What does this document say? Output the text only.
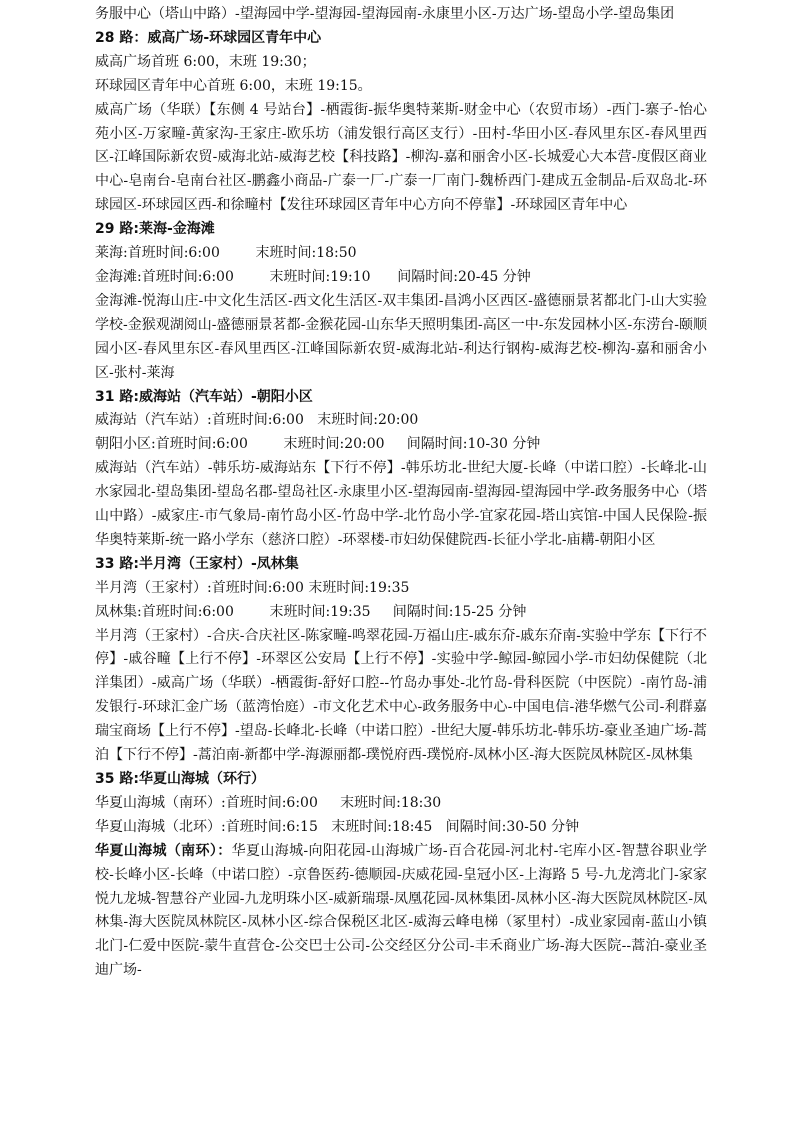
务服中心（塔山中路）-望海园中学-望海园-望海园南-永康里小区-万达广场-望岛小学-望岛集团

28 路：威高广场-环球园区青年中心

威高广场首班 6:00，末班 19:30；

环球园区青年中心首班 6:00，末班 19:15。

威高广场（华联）【东侧 4 号站台】-栖霞街-振华奥特莱斯-财金中心（农贸市场）-西门-寨子-怡心苑小区-万家疃-黄家沟-王家庄-欧乐坊（浦发银行高区支行）-田村-华田小区-春风里东区-春风里西区-江峰国际新农贸-威海北站-威海艺校【科技路】-柳沟-嘉和丽舍小区-长城爱心大本营-度假区商业中心-皂南台-皂南台社区-鹏鑫小商品-广泰一厂-广泰一厂南门-魏桥西门-建成五金制品-后双岛北-环球园区-环球园区西-和徐疃村【发往环球园区青年中心方向不停靠】-环球园区青年中心

29 路:莱海-金海滩

莱海:首班时间:6:00        末班时间:18:50

金海滩:首班时间:6:00        末班时间:19:10      间隔时间:20-45 分钟

金海滩-悦海山庄-中文化生活区-西文化生活区-双丰集团-昌鸿小区西区-盛德丽景茗都北门-山大实验学校-金猴观湖阅山-盛德丽景茗都-金猴花园-山东华天照明集团-高区一中-东发园林小区-东涝台-颐顺园小区-春风里东区-春风里西区-江峰国际新农贸-威海北站-利达行钢构-威海艺校-柳沟-嘉和丽舍小区-张村-莱海

31 路:威海站（汽车站）-朝阳小区

威海站（汽车站）:首班时间:6:00   末班时间:20:00

朝阳小区:首班时间:6:00        末班时间:20:00     间隔时间:10-30 分钟

威海站（汽车站）-韩乐坊-威海站东【下行不停】-韩乐坊北-世纪大厦-长峰（中诺口腔）-长峰北-山水家园北-望岛集团-望岛名郡-望岛社区-永康里小区-望海园南-望海园-望海园中学-政务服务中心（塔山中路）-威家庄-市气象局-南竹岛小区-竹岛中学-北竹岛小学-宜家花园-塔山宾馆-中国人民保险-振华奥特莱斯-统一路小学东（慈济口腔）-环翠楼-市妇幼保健院西-长征小学北-庙耩-朝阳小区

33 路:半月湾（王家村）-凤林集

半月湾（王家村）:首班时间:6:00 末班时间:19:35

凤林集:首班时间:6:00        末班时间:19:35     间隔时间:15-25 分钟

半月湾（王家村）-合庆-合庆社区-陈家疃-鸣翠花园-万福山庄-戚东夼-戚东夼南-实验中学东【下行不停】-戚谷疃【上行不停】-环翠区公安局【上行不停】-实验中学-鲸园-鲸园小学-市妇幼保健院（北洋集团）-威高广场（华联）-栖霞街-舒好口腔--竹岛办事处-北竹岛-骨科医院（中医院）-南竹岛-浦发银行-环球汇金广场（蓝湾怡庭）-市文化艺术中心-政务服务中心-中国电信-港华燃气公司-利群嘉瑞宝商场【上行不停】-望岛-长峰北-长峰（中诺口腔）-世纪大厦-韩乐坊北-韩乐坊-豪业圣迪广场-蒿泊【下行不停】-蒿泊南-新都中学-海源丽都-璞悦府西-璞悦府-凤林小区-海大医院凤林院区-凤林集

35 路:华夏山海城（环行）

华夏山海城（南环）:首班时间:6:00     末班时间:18:30

华夏山海城（北环）:首班时间:6:15   末班时间:18:45   间隔时间:30-50 分钟

华夏山海城（南环）：华夏山海城-向阳花园-山海城广场-百合花园-河北村-宅库小区-智慧谷职业学校-长峰小区-长峰（中诺口腔）-京鲁医药-德顺园-庆威花园-皇冠小区-上海路 5 号-九龙湾北门-家家悦九龙城-智慧谷产业园-九龙明珠小区-威新瑞璟-凤凰花园-凤林集团-凤林小区-海大医院凤林院区-凤林集-海大医院凤林院区-凤林小区-综合保税区北区-威海云峰电梯（冢里村）-成业家园南-蓝山小镇北门-仁爱中医院-蒙牛直营仓-公交巴士公司-公交经区分公司-丰禾商业广场-海大医院--蒿泊-豪业圣迪广场-
